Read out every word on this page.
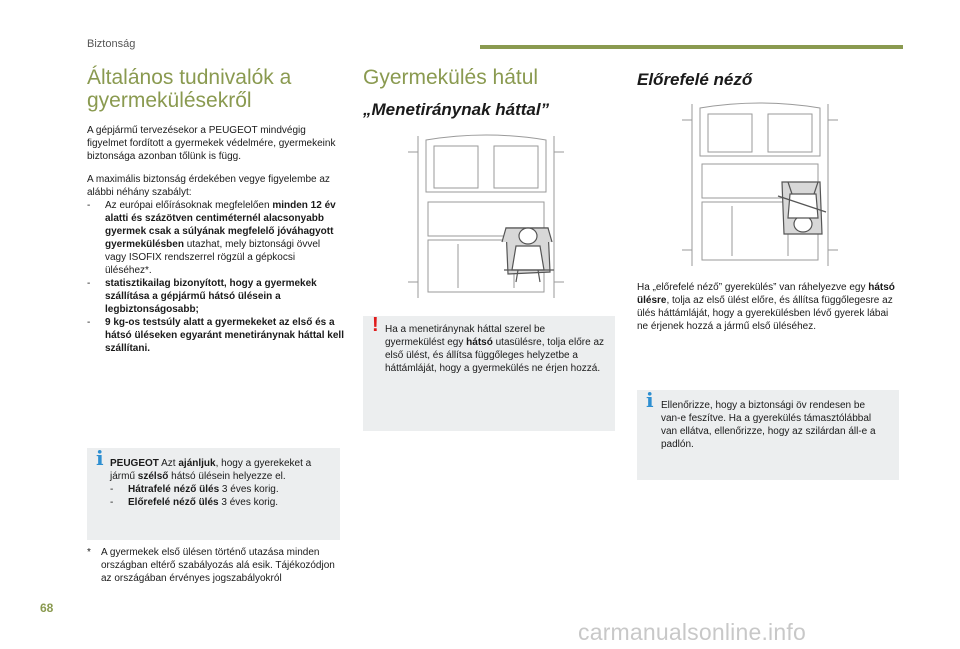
Biztonság
Általános tudnivalók a
gyermekülésekről

A gépjármű tervezésekor a PEUGEOT mindvégig figyelmet fordított a gyermekek védelmére, gyermekeink biztonsága azonban tőlünk is függ.

A maximális biztonság érdekében vegye figyelembe az alábbi néhány szabályt:

- Az európai előírásoknak megfelelően minden 12 év alatti és százötven centiméternél alacsonyabb gyermek csak a súlyának megfelelő jóváhagyott gyermekülésben utazhat, mely biztonsági övvel vagy ISOFIX rendszerrel rögzül a gépkocsi üléséhez*.
- statisztikailag bizonyított, hogy a gyermekek szállítása a gépjármű hátsó ülésein a legbiztonságosabb;
- 9 kg-os testsúly alatt a gyermekeket az első és a hátsó üléseken egyaránt menetiránynak háttal kell szállítani.
i PEUGEOT Azt ajánljuk, hogy a gyerekeket a jármű szélső hátsó ülésein helyezze el.
- Hátrafelé néző ülés 3 éves korig.
- Előrefelé néző ülés 3 éves korig.
*	A gyermekek első ülésen történő utazása minden országban eltérő szabályozás alá esik. Tájékozódjon az országában érvényes jogszabályokról
Gyermekülés hátul
„Menetiránynak háttal”
! Ha a menetiránynak háttal szerel be gyermekülést egy hátsó utasülésre, tolja előre az első ülést, és állítsa függőleges helyzetbe a háttámláját, hogy a gyermekülés ne érjen hozzá.
Előrefelé néző

Ha „előrefelé néző” gyerekülés” van ráhelyezve egy hátsó ülésre, tolja az első ülést előre, és állítsa függőlegesre az ülés háttámláját, hogy a gyerekülésben lévő gyerek lábai ne érjenek hozzá a jármű első üléséhez.

i Ellenőrizze, hogy a biztonsági öv rendesen be van-e feszítve. Ha a gyerekülés támasztólábbal van ellátva, ellenőrizze, hogy az szilárdan áll-e a padlón.
68
carmanualsonline.info
